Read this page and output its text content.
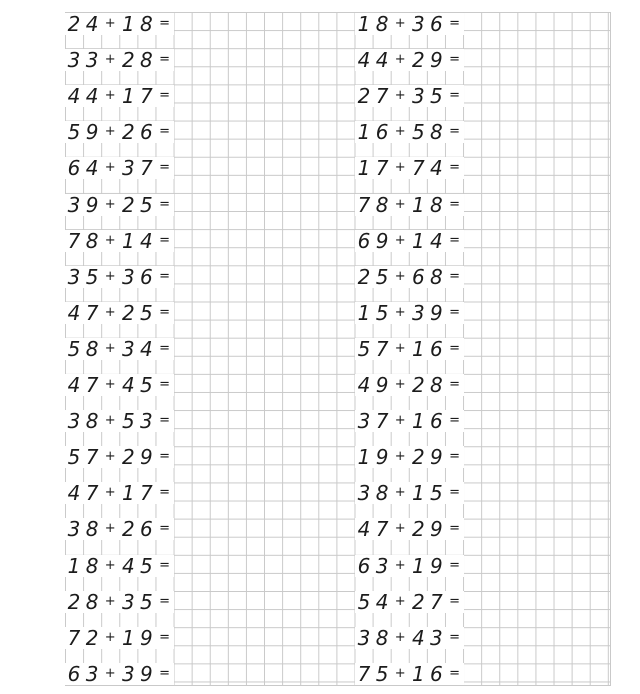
2 4 + 1 8 =
3 3 + 2 8 =
4 4 + 1 7 =
5 9 + 2 6 =
6 4 + 3 7 =
3 9 + 2 5 =
7 8 + 1 4 =
3 5 + 3 6 =
4 7 + 2 5 =
5 8 + 3 4 =
4 7 + 4 5 =
3 8 + 5 3 =
5 7 + 2 9 =
4 7 + 1 7 =
3 8 + 2 6 =
1 8 + 4 5 =
2 8 + 3 5 =
7 2 + 1 9 =
6 3 + 3 9 =
1 8 + 3 6 =
4 4 + 2 9 =
2 7 + 3 5 =
1 6 + 5 8 =
1 7 + 7 4 =
7 8 + 1 8 =
6 9 + 1 4 =
2 5 + 6 8 =
1 5 + 3 9 =
5 7 + 1 6 =
4 9 + 2 8 =
3 7 + 1 6 =
1 9 + 2 9 =
3 8 + 1 5 =
4 7 + 2 9 =
6 3 + 1 9 =
5 4 + 2 7 =
3 8 + 4 3 =
7 5 + 1 6 =
